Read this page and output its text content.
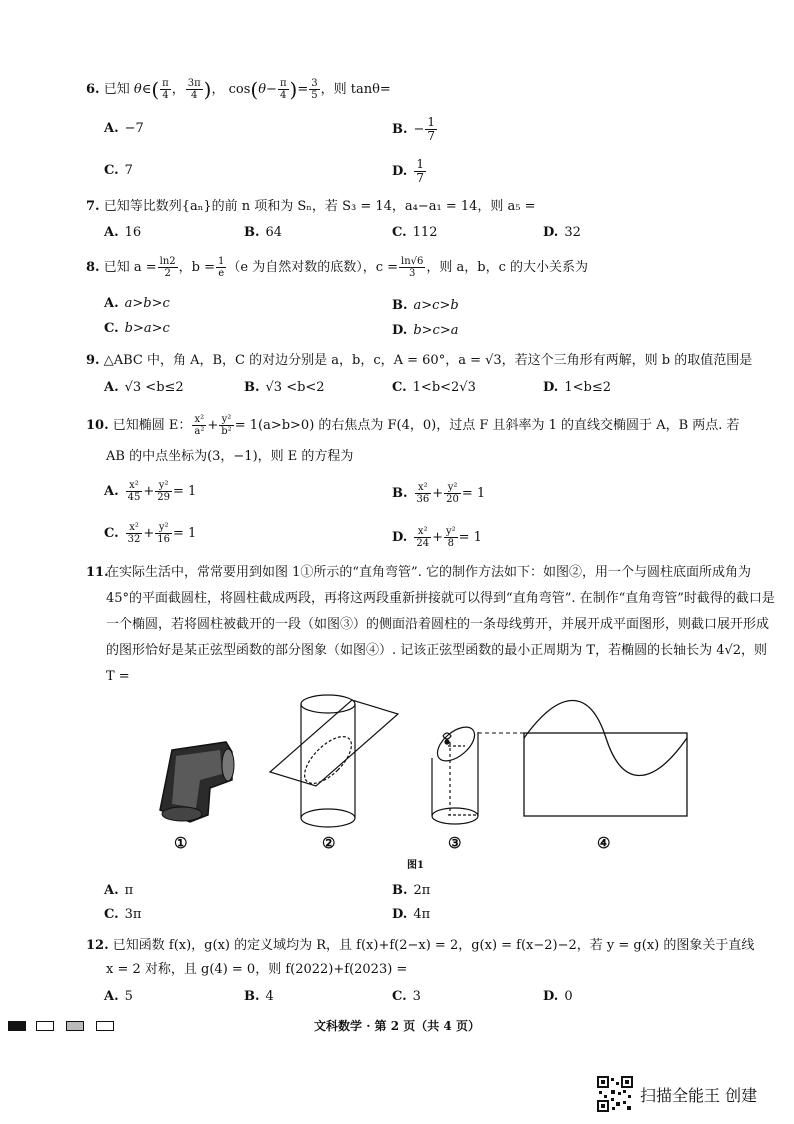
6. 已知 θ∈( $\frac{\pi}{4}$ ， $\frac{3\pi}{4}$ )， $\cos(\theta- \frac{\pi}{4}$ )= $\frac{3}{5}$ ，则 tanθ=
A. −7	B. − $\frac{1}{7}$
C. 7	D. $\frac{1}{7}$
7. 已知等比数列{aₙ}的前 n 项和为 Sₙ，若 S₃ = 14，a₄−a₁ = 14，则 a₅ =
A. 16	B. 64	C. 112	D. 32
8. 已知 $a = \frac{\ln 2}{2}$ ，$b = \frac{1}{e} (e$ 为自然对数的底数），$c = \frac{\ln√6}{3}$ ，则 a，b，c 的大小关系为
A. a>b>c	B. a>c>b
C. b>a>c	D. b>c>a
9. △ABC 中，角 A，B，C 的对边分别是 a，b，c，A = 60°，a = √3，若这个三角形有两解，则 b 的取值范围是
A. √3 <b≤2	B. √3 <b<2	C. 1<b<2√3	D. 1<b≤2
10. 已知椭圆 E： $\frac{\text{x²}}{\text{a²}} + \frac{\text{y²}}{\text{b²}} = 1(a>b>0)$ 的右焦点为 F(4，0)，过点 F 且斜率为 1 的直线交椭圆于 A，B 两点. 若
AB 的中点坐标为(3，−1)，则 E 的方程为
A. $\frac{\text{x²}}{45} + \frac{\text{y²}}{29} = 1$	B. $\frac{\text{x²}}{36} + \frac{\text{y²}}{20} = 1$
C. $\frac{\text{x²}}{32} + \frac{\text{y²}}{16} = 1$	D. $\frac{\text{x²}}{24} + \frac{\text{y²}}{8} = 1$
11.
在实际生活中，常常要用到如图 1①所示的“直角弯管”. 它的制作方法如下：如图②，用一个与圆柱底面所成角为 45°的平面截圆柱，将圆柱截成两段，再将这两段重新拼接就可以得到“直角弯管”. 在制作“直角弯管”时截得的截口是一个椭圆，若将圆柱被截开的一段（如图③）的侧面沿着圆柱的一条母线剪开，并展开成平面图形，则截口展开形成的图形恰好是某正弦型函数的部分图象（如图④）. 记该正弦型函数的最小正周期为 T，若椭圆的长轴长为 4√2，则 T =
①	②	③	④
图1
A. π	B. 2π
C. 3π	D. 4π
12. 已知函数 f(x)，g(x) 的定义域均为 R，且 f(x)+f(2−x) = 2，g(x) = f(x−2)−2，若 y = g(x) 的图象关于直线
x = 2 对称，且 g(4) = 0，则 f(2022)+f(2023) =
A. 5	B. 4	C. 3	D. 0
文科数学 · 第 2 页（共 4 页）
扫描全能王 创建
